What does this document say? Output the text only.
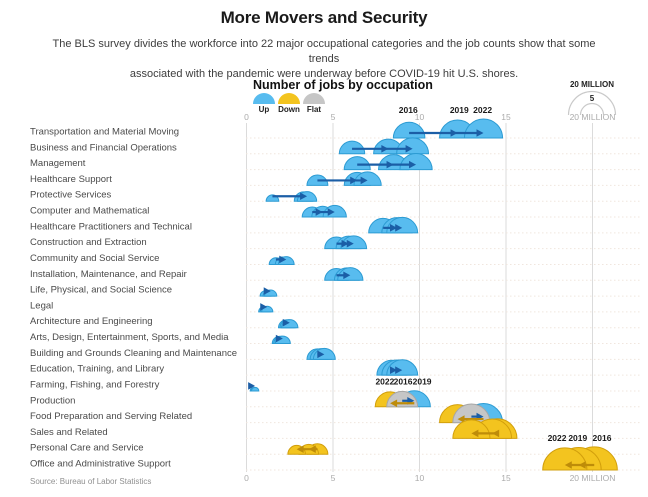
More Movers and Security
The BLS survey divides the workforce into 22 major occupational categories and the job counts show that some trends
associated with the pandemic were underway before COVID-19 hit U.S. shores.
Number of jobs by occupation
Up	Down Flat
20 MILLION
5
0
0
5
5
10
10
15
15
20 MILLION
20 MILLION
Transportation and Material Moving
2016	2019 2022
Business and Financial Operations
Management
Healthcare Support
Protective Services
Computer and Mathematical
Healthcare Practitioners and Technical
Construction and Extraction
Community and Social Service
Installation, Maintenance, and Repair
Life, Physical, and Social Science
Legal
Architecture and Engineering
Arts, Design, Entertainment, Sports, and Media
Building and Grounds Cleaning and Maintenance
Education, Training, and Library
Farming, Fishing, and Forestry
Production
2022 2016 2019
Food Preparation and Serving Related
Sales and Related
Personal Care and Service
Office and Administrative Support
2022 2019 2016
Source: Bureau of Labor Statistics
